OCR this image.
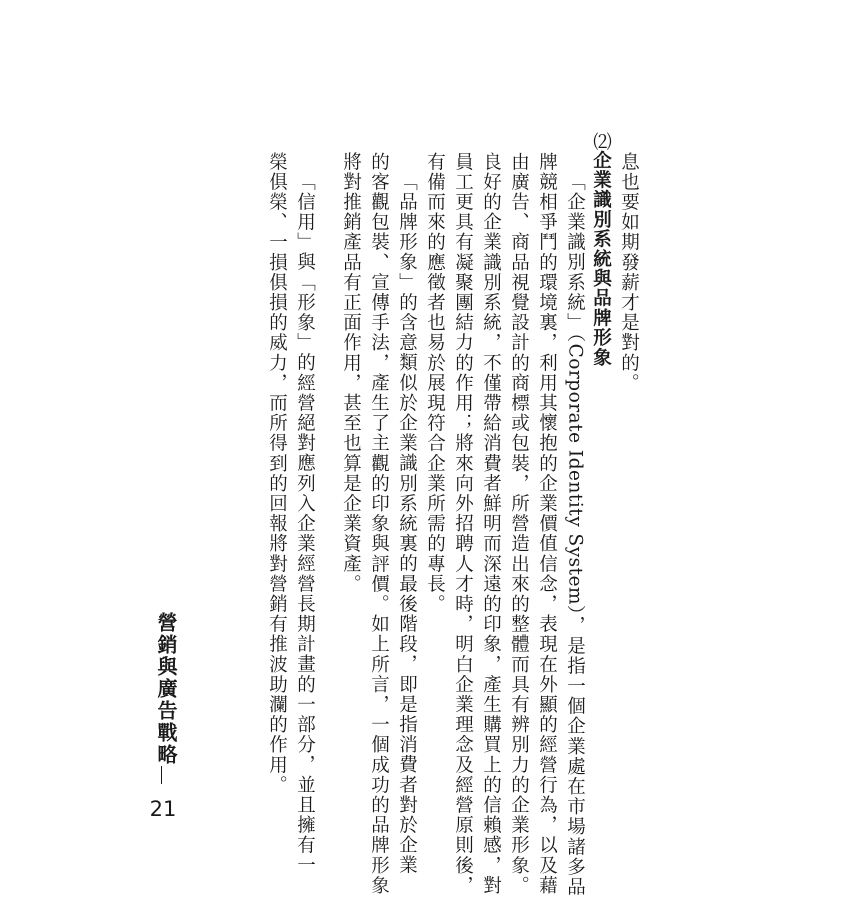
息也要如期發薪才是對的。
⑵企業識別系統與品牌形象
「企業識別系統」（Corporate Identity System），是指一個企業處在市場諸多品
牌競相爭鬥的環境裏，利用其懷抱的企業價值信念，表現在外顯的經營行為，以及藉
由廣告、商品視覺設計的商標或包裝，所營造出來的整體而具有辨別力的企業形象。
良好的企業識別系統，不僅帶給消費者鮮明而深遠的印象，產生購買上的信賴感，對
員工更具有凝聚團結力的作用；將來向外招聘人才時，明白企業理念及經營原則後，
有備而來的應徵者也易於展現符合企業所需的專長。
「品牌形象」的含意類似於企業識別系統裏的最後階段，即是指消費者對於企業
的客觀包裝、宣傳手法，產生了主觀的印象與評價。如上所言，一個成功的品牌形象
將對推銷產品有正面作用，甚至也算是企業資產。
「信用」與「形象」的經營絕對應列入企業經營長期計畫的一部分，並且擁有一
榮俱榮、一損俱損的威力，而所得到的回報將對營銷有推波助瀾的作用。
營銷與廣告戰略
21
